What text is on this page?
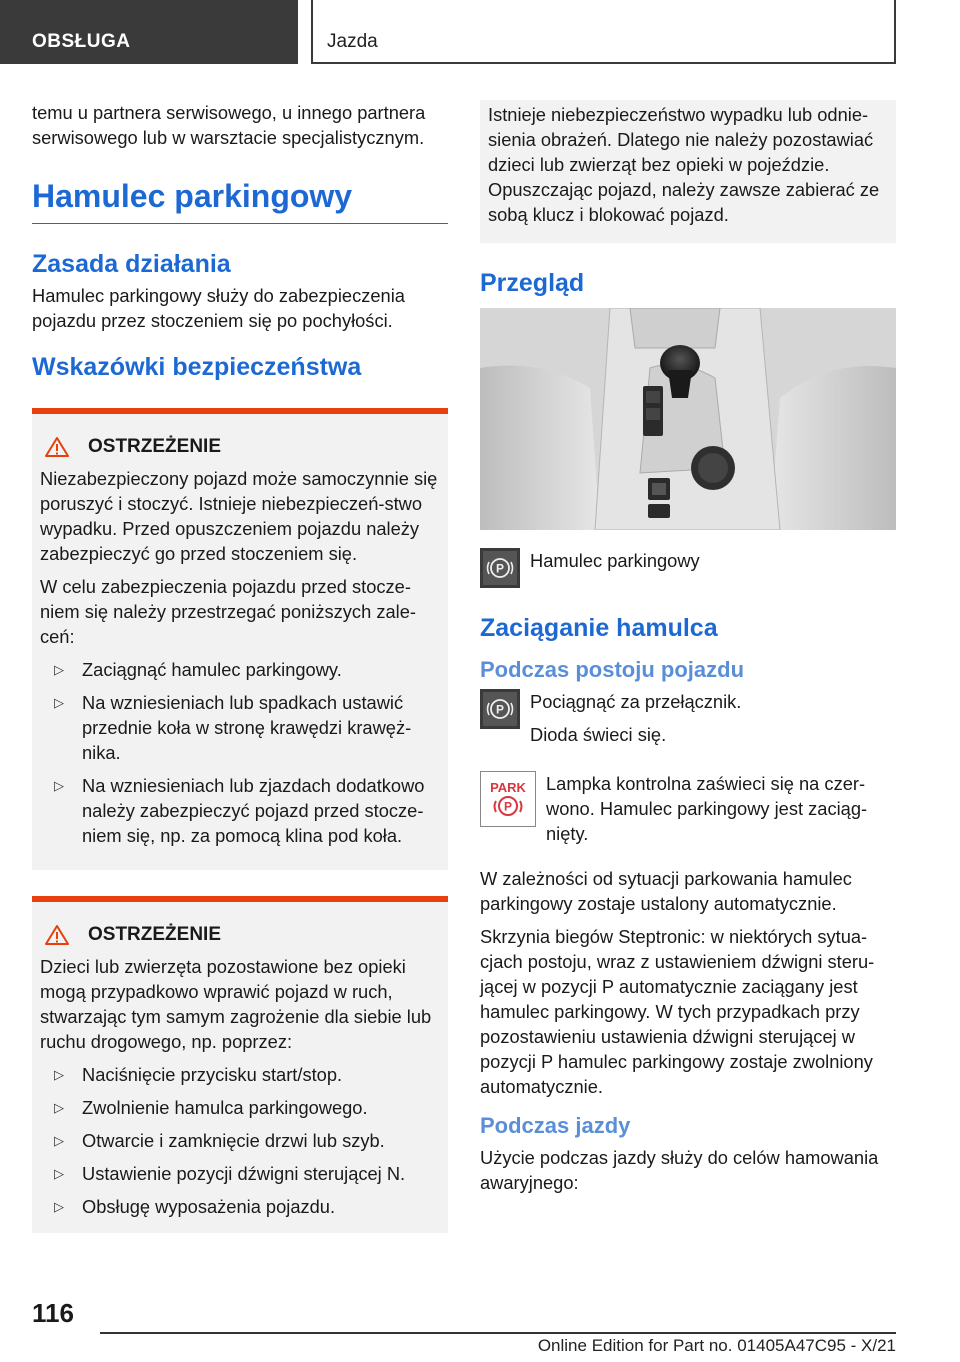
OBSŁUGA	Jazda

temu u partnera serwisowego, u innego partnera serwisowego lub w warsztacie specjalistycznym.

Hamulec parkingowy
Zasada działania

Hamulec parkingowy służy do zabezpieczenia pojazdu przez stoczeniem się po pochyłości.

Wskazówki bezpieczeństwa
OSTRZEŻENIE

Niezabezpieczony pojazd może samoczynnie się poruszyć i stoczyć. Istnieje niebezpieczeń-stwo wypadku. Przed opuszczeniem pojazdu należy zabezpieczyć go przed stoczeniem się.

W celu zabezpieczenia pojazdu przed stocze-niem się należy przestrzegać poniższych zale-ceń:

▷ Zaciągnąć hamulec parkingowy.
▷ Na wzniesieniach lub spadkach ustawić przednie koła w stronę krawędzi krawęż-nika.
▷ Na wzniesieniach lub zjazdach dodatkowo należy zabezpieczyć pojazd przed stocze-niem się, np. za pomocą klina pod koła.
OSTRZEŻENIE

Dzieci lub zwierzęta pozostawione bez opieki mogą przypadkowo wprawić pojazd w ruch, stwarzając tym samym zagrożenie dla siebie lub ruchu drogowego, np. poprzez:

▷ Naciśnięcie przycisku start/stop.
▷ Zwolnienie hamulca parkingowego.
▷ Otwarcie i zamknięcie drzwi lub szyb.
▷ Ustawienie pozycji dźwigni sterującej N.
▷ Obsługę wyposażenia pojazdu.

Istnieje niebezpieczeństwo wypadku lub odnie-sienia obrażeń. Dlatego nie należy pozostawiać dzieci lub zwierząt bez opieki w pojeździe. Opuszczając pojazd, należy zawsze zabierać ze sobą klucz i blokować pojazd.

Przegląd
P Hamulec parkingowy

Zaciąganie hamulca
Podczas postoju pojazdu
P Pociągnąć za przełącznik.

Dioda świeci się.

PARK
P

Lampka kontrolna zaświeci się na czer-wono. Hamulec parkingowy jest zaciąg-nięty.

W zależności od sytuacji parkowania hamulec parkingowy zostaje ustalony automatycznie.

Skrzynia biegów Steptronic: w niektórych sytua-cjach postoju, wraz z ustawieniem dźwigni steru-jącej w pozycji P automatycznie zaciągany jest hamulec parkingowy. W tych przypadkach przy pozostawieniu ustawienia dźwigni sterującej w pozycji P hamulec parkingowy zostaje zwolniony automatycznie.

Podczas jazdy

Użycie podczas jazdy służy do celów hamowania awaryjnego:

116
Online Edition for Part no. 01405A47C95 - X/21
